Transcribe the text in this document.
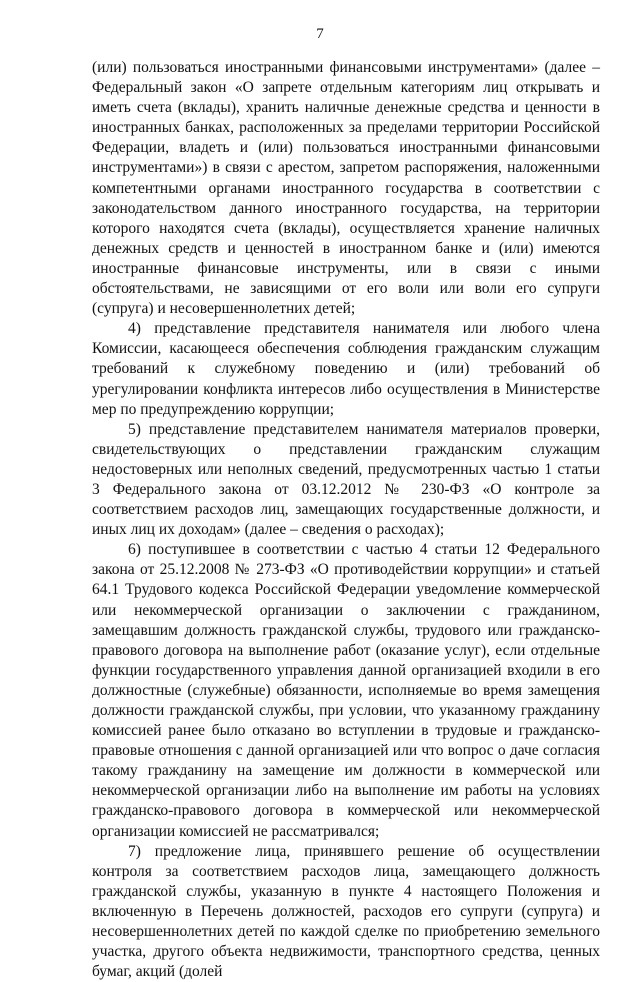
7

(или) пользоваться иностранными финансовыми инструментами» (далее – Федеральный закон «О запрете отдельным категориям лиц открывать и иметь счета (вклады), хранить наличные денежные средства и ценности в иностранных банках, расположенных за пределами территории Российской Федерации, владеть и (или) пользоваться иностранными финансовыми инструментами») в связи с арестом, запретом распоряжения, наложенными компетентными органами иностранного государства в соответствии с законодательством данного иностранного государства, на территории которого находятся счета (вклады), осуществляется хранение наличных денежных средств и ценностей в иностранном банке и (или) имеются иностранные финансовые инструменты, или в связи с иными обстоятельствами, не зависящими от его воли или воли его супруги (супруга) и несовершеннолетних детей;

4) представление представителя нанимателя или любого члена Комиссии, касающееся обеспечения соблюдения гражданским служащим требований к служебному поведению и (или) требований об урегулировании конфликта интересов либо осуществления в Министерстве мер по предупреждению коррупции;

5) представление представителем нанимателя материалов проверки, свидетельствующих о представлении гражданским служащим недостоверных или неполных сведений, предусмотренных частью 1 статьи 3 Федерального закона от 03.12.2012 № 230-ФЗ «О контроле за соответствием расходов лиц, замещающих государственные должности, и иных лиц их доходам» (далее – сведения о расходах);

6) поступившее в соответствии с частью 4 статьи 12 Федерального закона от 25.12.2008 № 273-ФЗ «О противодействии коррупции» и статьей 64.1 Трудового кодекса Российской Федерации уведомление коммерческой или некоммерческой организации о заключении с гражданином, замещавшим должность гражданской службы, трудового или гражданско-правового договора на выполнение работ (оказание услуг), если отдельные функции государственного управления данной организацией входили в его должностные (служебные) обязанности, исполняемые во время замещения должности гражданской службы, при условии, что указанному гражданину комиссией ранее было отказано во вступлении в трудовые и гражданско-правовые отношения с данной организацией или что вопрос о даче согласия такому гражданину на замещение им должности в коммерческой или некоммерческой организации либо на выполнение им работы на условиях гражданско-правового договора в коммерческой или некоммерческой организации комиссией не рассматривался;

7) предложение лица, принявшего решение об осуществлении контроля за соответствием расходов лица, замещающего должность гражданской службы, указанную в пункте 4 настоящего Положения и включенную в Перечень должностей, расходов его супруги (супруга) и несовершеннолетних детей по каждой сделке по приобретению земельного участка, другого объекта недвижимости, транспортного средства, ценных бумаг, акций (долей
